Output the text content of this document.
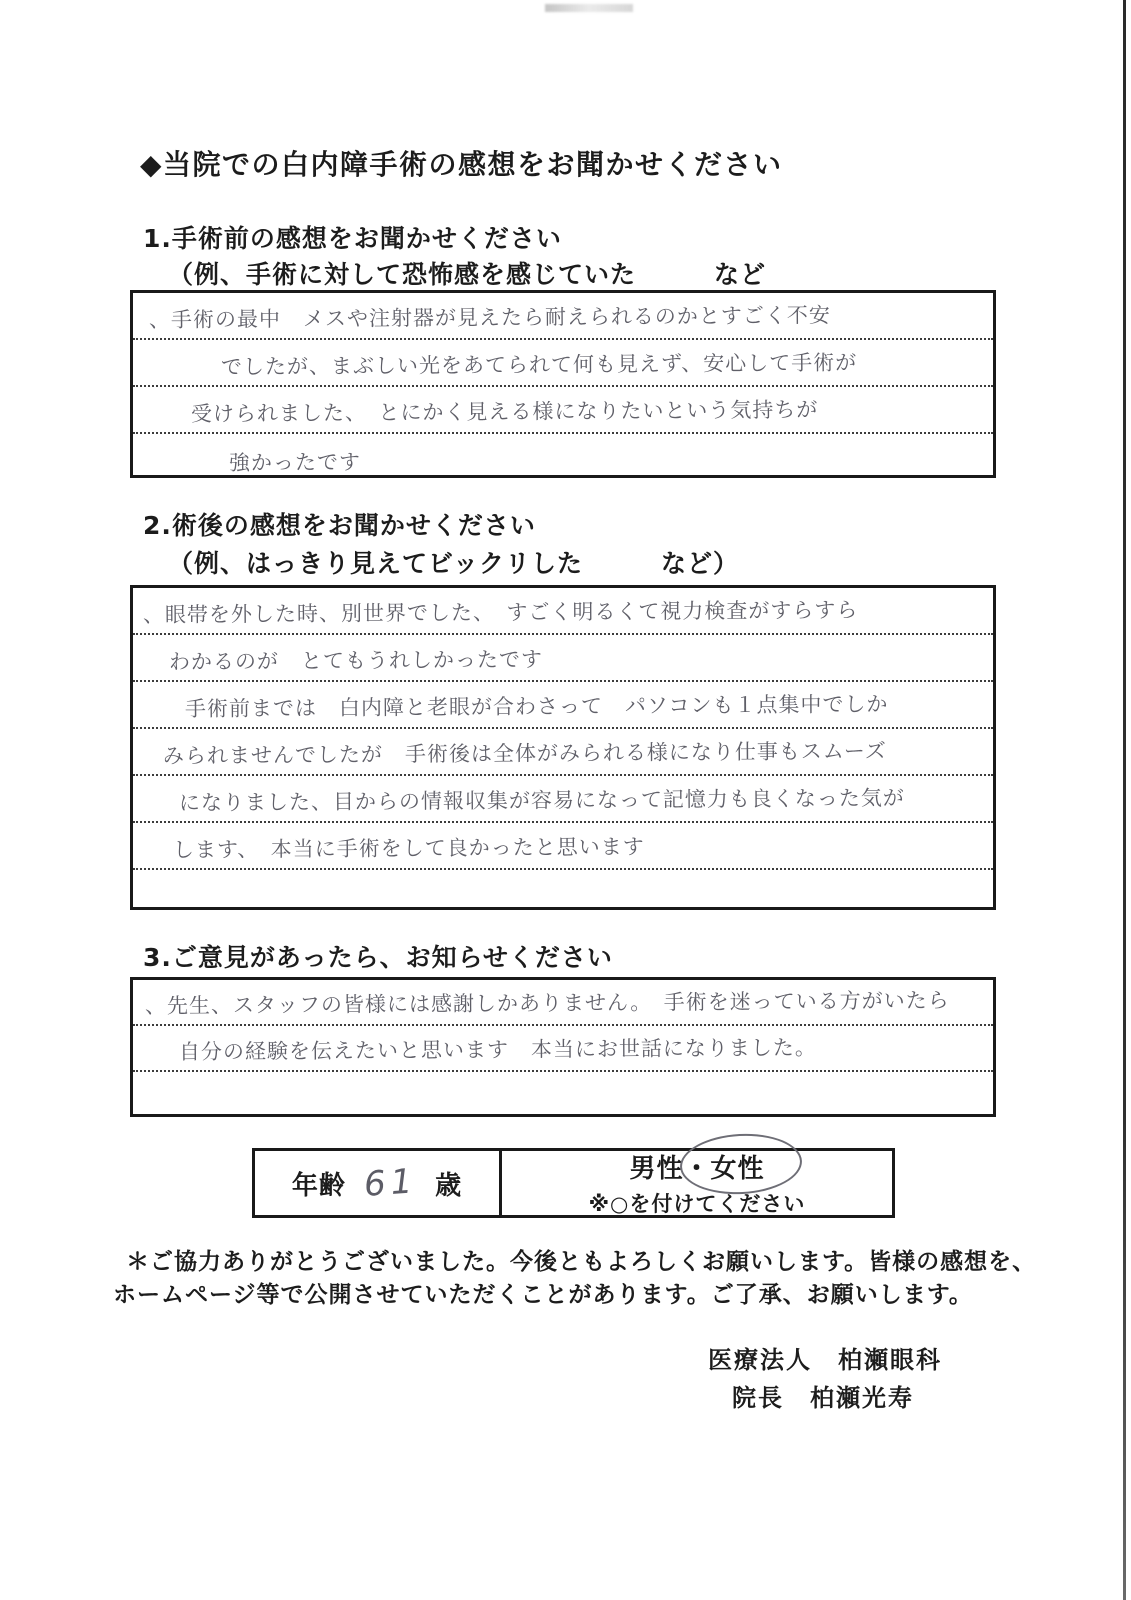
◆当院での白内障手術の感想をお聞かせください
1.手術前の感想をお聞かせください
（例、手術に対して恐怖感を感じていた　　　など
、手術の最中　メスや注射器が見えたら耐えられるのかとすごく不安
でしたが、まぶしい光をあてられて何も見えず、安心して手術が
受けられました、　とにかく見える様になりたいという気持ちが
強かったです
2.術後の感想をお聞かせください
（例、はっきり見えてビックリした　　　など）
、眼帯を外した時、別世界でした、　すごく明るくて視力検査がすらすら
わかるのが　とてもうれしかったです
手術前までは　白内障と老眼が合わさって　パソコンも１点集中でしか
みられませんでしたが　手術後は全体がみられる様になり仕事もスムーズ
になりました、目からの情報収集が容易になって記憶力も良くなった気が
します、　本当に手術をして良かったと思います
3.ご意見があったら、お知らせください
、先生、スタッフの皆様には感謝しかありません。　手術を迷っている方がいたら
自分の経験を伝えたいと思います　本当にお世話になりました。
年齢 61 歳
男性 ・ 女性
※○を付けてください
＊ご協力ありがとうございました。今後ともよろしくお願いします。皆様の感想を、
ホームページ等で公開させていただくことがあります。ご了承、お願いします。
医療法人　柏瀬眼科
院長　柏瀬光寿
